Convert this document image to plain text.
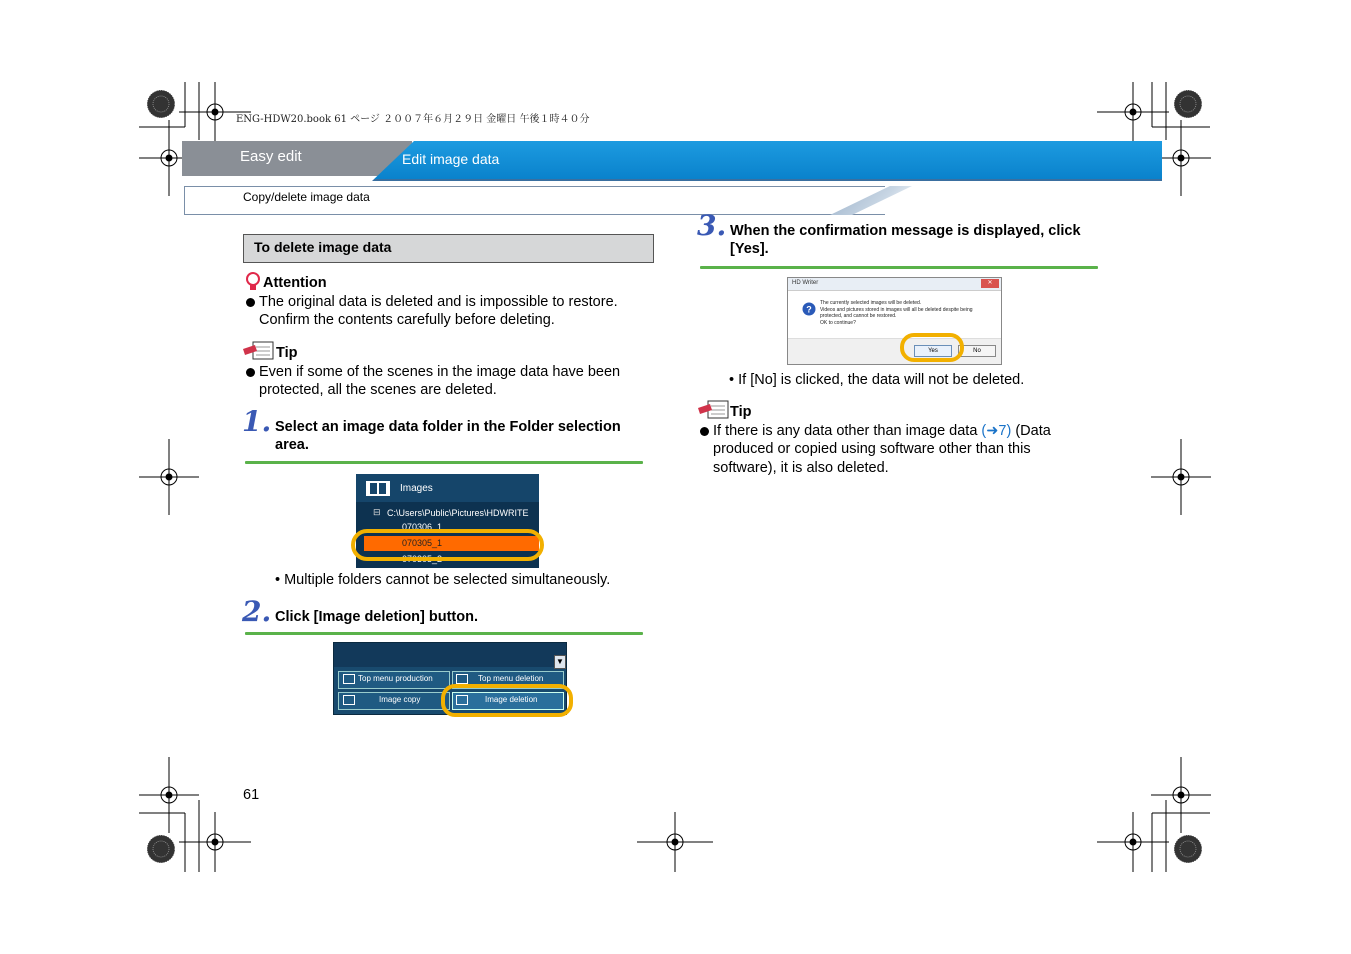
ENG-HDW20.book 61 ページ ２００７年６月２９日 金曜日 午後１時４０分
Easy edit	Edit image data
Copy/delete image data
To delete image data
Attention
The original data is deleted and is impossible to restore.
Confirm the contents carefully before deleting.
Tip
Even if some of the scenes in the image data have been
protected, all the scenes are deleted.
1. Select an image data folder in the Folder selection
area.
Images
⊟ C:\Users\Public\Pictures\HDWRITE
070306_1
070305_1
070305_2
• Multiple folders cannot be selected simultaneously.
2. Click [Image deletion] button.
▼
Top menu production	Top menu deletion
Image copy	Image deletion
3. When the confirmation message is displayed, click
[Yes].
HD Writer	✕
?
The currently selected images will be deleted.
Videos and pictures stored in images will all be deleted despite being
protected, and cannot be restored.
OK to continue?
Yes	No
• If [No] is clicked, the data will not be deleted.
Tip
If there is any data other than image data (➜7) (Data
produced or copied using software other than this
software), it is also deleted.
61
